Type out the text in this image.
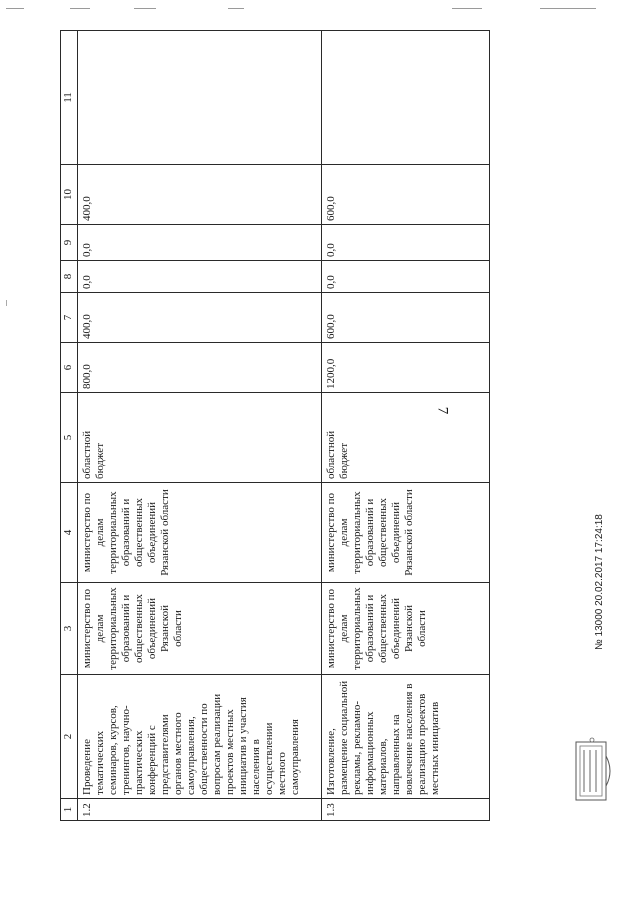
7
1	2	3	4	5	6	7	8	9	10	11
1.2	Проведение тематических семинаров, курсов, тренингов, научно-практических конференций с представителями органов местного самоуправления, общественности по вопросам реализации проектов местных инициатив и участия населения в осуществлении местного самоуправления	министерство по делам территориальных образований и общественных объединений Рязанской области	министерство по делам территориальных образований и общественных объединений Рязанской области	областной бюджет	800,0	400,0	0,0	0,0	400,0	
1.3	Изготовление, размещение социальной рекламы, рекламно-информационных материалов, направленных на вовлечение населения в реализацию проектов местных инициатив	министерство по делам территориальных образований и общественных объединений Рязанской области	министерство по делам территориальных образований и общественных объединений Рязанской области	областной бюджет	1200,0	600,0	0,0	0,0	600,0	
№ 13000 20.02.2017 17:24:18
